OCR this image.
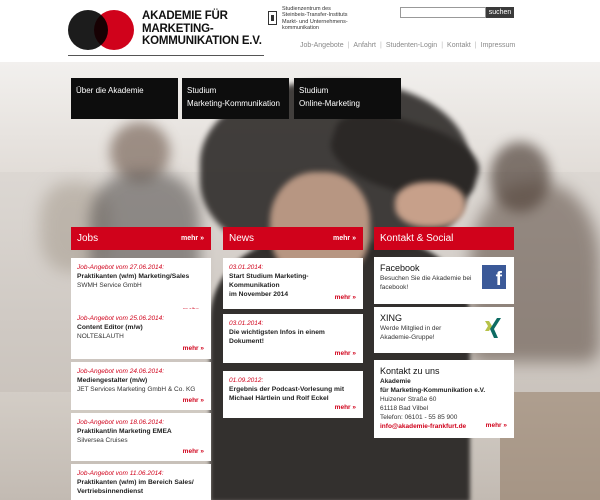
AKADEMIE FÜR
MARKETING-
KOMMUNIKATION E.V.
Studienzentrum des
Steinbeis-Transfer-Instituts
Markt- und Unternehmens-
kommunikation
suchen
Job-Angebote | Anfahrt | Studenten-Login | Kontakt | Impressum
Über die Akademie	Studium
Marketing-Kommunikation
Studium
Online-Marketing
Jobs	mehr »
Job-Angebot vom 27.06.2014:
Praktikanten (w/m) Marketing/Sales
SWMH Service GmbH
Job-Angebot vom 25.06.2014:
Content Editor (m/w)
NOLTE&LAUTH
mehr »
Job-Angebot vom 24.06.2014:
Mediengestalter (m/w)
JET Services Marketing GmbH & Co. KG
mehr »
Job-Angebot vom 18.06.2014:
Praktikant/in Marketing EMEA
Silversea Cruises
mehr »
Job-Angebot vom 11.06.2014:
Praktikanten (w/m) im Bereich Sales/
Vertriebsinnendienst
News	mehr »
03.01.2014:
Start Studium Marketing-Kommunikation
im November 2014	mehr »
03.01.2014:
Die wichtigsten Infos in einem
Dokument!
mehr »
01.09.2012:
Ergebnis der Podcast-Vorlesung mit
Michael Härtlein und Rolf Eckel
mehr »
Kontakt & Social
Facebook
Besuchen Sie die Akademie bei
facebook!	f
XING
Werde Mitglied in der
Akademie-Gruppe!
Kontakt zu uns
Akademie
für Marketing-Kommunikation e.V.
Huizener Straße 60
61118 Bad Vilbel
Telefon: 06101 - 55 85 900
info@akademie-frankfurt.de	mehr »
